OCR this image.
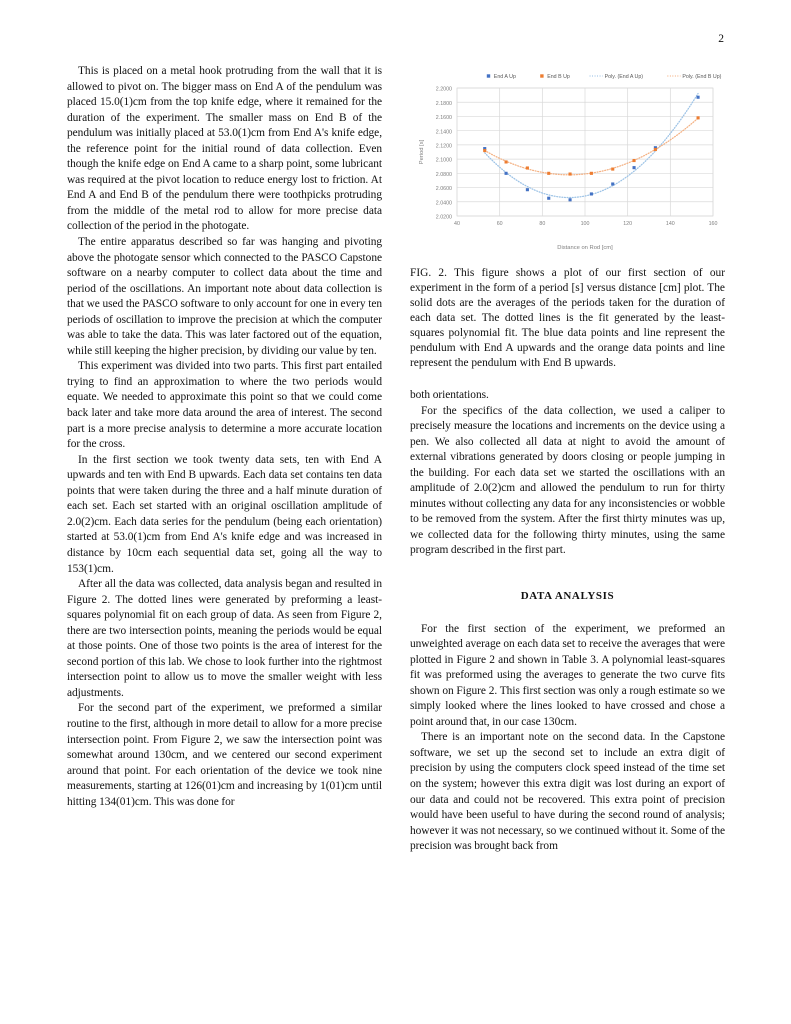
2

This is placed on a metal hook protruding from the wall that it is allowed to pivot on. The bigger mass on End A of the pendulum was placed 15.0(1)cm from the top knife edge, where it remained for the duration of the experiment. The smaller mass on End B of the pendulum was initially placed at 53.0(1)cm from End A's knife edge, the reference point for the initial round of data collection. Even though the knife edge on End A came to a sharp point, some lubricant was required at the pivot location to reduce energy lost to friction. At End A and End B of the pendulum there were toothpicks protruding from the middle of the metal rod to allow for more precise data collection of the period in the photogate.

The entire apparatus described so far was hanging and pivoting above the photogate sensor which connected to the PASCO Capstone software on a nearby computer to collect data about the time and period of the oscillations. An important note about data collection is that we used the PASCO software to only account for one in every ten periods of oscillation to improve the precision at which the computer was able to take the data. This was later factored out of the equation, while still keeping the higher precision, by dividing our value by ten.

This experiment was divided into two parts. This first part entailed trying to find an approximation to where the two periods would equate. We needed to approximate this point so that we could come back later and take more data around the area of interest. The second part is a more precise analysis to determine a more accurate location for the cross.

In the first section we took twenty data sets, ten with End A upwards and ten with End B upwards. Each data set contains ten data points that were taken during the three and a half minute duration of each set. Each set started with an original oscillation amplitude of 2.0(2)cm. Each data series for the pendulum (being each orientation) started at 53.0(1)cm from End A's knife edge and was increased in distance by 10cm each sequential data set, going all the way to 153(1)cm.

After all the data was collected, data analysis began and resulted in Figure 2. The dotted lines were generated by preforming a least-squares polynomial fit on each group of data. As seen from Figure 2, there are two intersection points, meaning the periods would be equal at those points. One of those two points is the area of interest for the second portion of this lab. We chose to look further into the rightmost intersection point to allow us to move the smaller weight with less adjustments.

For the second part of the experiment, we preformed a similar routine to the first, although in more detail to allow for a more precise intersection point. From Figure 2, we saw the intersection point was somewhat around 130cm, and we centered our second experiment around that point. For each orientation of the device we took nine measurements, starting at 126(01)cm and increasing by 1(01)cm until hitting 134(01)cm. This was done for

2.0200
2.0400
2.0600
2.0800
2.1000
2.1200
2.1400
2.1600
2.1800
2.2000
40	60	80	100	120	140	160
Distance on Rod [cm]
Period [s]
End A Up	End B Up	Poly. (End A Up)	Poly. (End B Up)

FIG. 2. This figure shows a plot of our first section of our experiment in the form of a period [s] versus distance [cm] plot. The solid dots are the averages of the periods taken for the duration of each data set. The dotted lines is the fit generated by the least-squares polynomial fit. The blue data points and line represent the pendulum with End A upwards and the orange data points and line represent the pendulum with End B upwards.

both orientations.

For the specifics of the data collection, we used a caliper to precisely measure the locations and increments on the device using a pen. We also collected all data at night to avoid the amount of external vibrations generated by doors closing or people jumping in the building. For each data set we started the oscillations with an amplitude of 2.0(2)cm and allowed the pendulum to run for thirty minutes without collecting any data for any inconsistencies or wobble to be removed from the system. After the first thirty minutes was up, we collected data for the following thirty minutes, using the same program described in the first part.

DATA ANALYSIS

For the first section of the experiment, we preformed an unweighted average on each data set to receive the averages that were plotted in Figure 2 and shown in Table 3. A polynomial least-squares fit was preformed using the averages to generate the two curve fits shown on Figure 2. This first section was only a rough estimate so we simply looked where the lines looked to have crossed and chose a point around that, in our case 130cm.

There is an important note on the second data. In the Capstone software, we set up the second set to include an extra digit of precision by using the computers clock speed instead of the time set on the system; however this extra digit was lost during an export of our data and could not be recovered. This extra point of precision would have been useful to have during the second round of analysis; however it was not necessary, so we continued without it. Some of the precision was brought back from
